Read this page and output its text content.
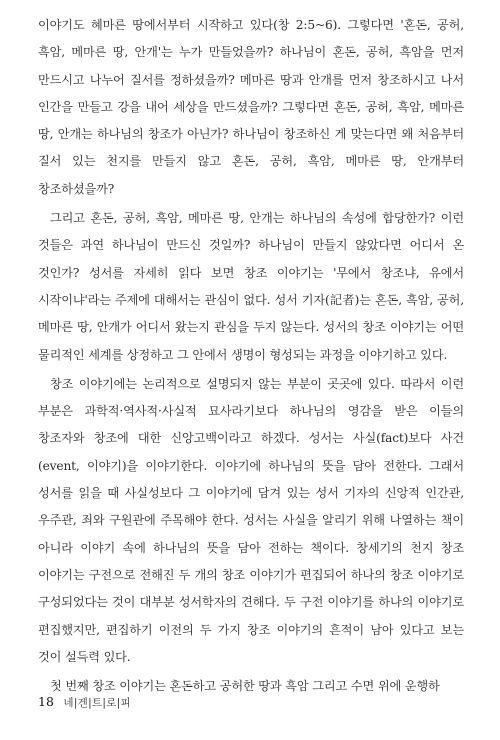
이야기도 혜마른 땅에서부터 시작하고 있다(창 2:5~6). 그렇다면 '혼돈, 공허, 흑암, 메마른 땅, 안개'는 누가 만들었을까? 하나님이 혼돈, 공허, 흑암을 먼저 만드시고 나누어 질서를 정하셨을까? 메마른 땅과 안개를 먼저 창조하시고 나서 인간을 만들고 강을 내어 세상을 만드셨을까? 그렇다면 혼돈, 공허, 흑암, 메마른 땅, 안개는 하나님의 창조가 아닌가? 하나님이 창조하신 게 맞는다면 왜 처음부터 질서 있는 천지를 만들지 않고 혼돈, 공허, 흑암, 메마른 땅, 안개부터 창조하셨을까?

그리고 혼돈, 공허, 흑암, 메마른 땅, 안개는 하나님의 속성에 합당한가? 이런 것들은 과연 하나님이 만드신 것일까? 하나님이 만들지 않았다면 어디서 온 것인가? 성서를 자세히 읽다 보면 창조 이야기는 '무에서 창조냐, 유에서 시작이냐'라는 주제에 대해서는 관심이 없다. 성서 기자(記者)는 혼돈, 흑암, 공허, 메마른 땅, 안개가 어디서 왔는지 관심을 두지 않는다. 성서의 창조 이야기는 어떤 물리적인 세계를 상정하고 그 안에서 생명이 형성되는 과정을 이야기하고 있다.

창조 이야기에는 논리적으로 설명되지 않는 부분이 곳곳에 있다. 따라서 이런 부분은 과학적·역사적·사실적 묘사라기보다 하나님의 영감을 받은 이들의 창조자와 창조에 대한 신앙고백이라고 하겠다. 성서는 사실(fact)보다 사건(event, 이야기)을 이야기한다. 이야기에 하나님의 뜻을 담아 전한다. 그래서 성서를 읽을 때 사실성보다 그 이야기에 담겨 있는 성서 기자의 신앙적 인간관, 우주관, 죄와 구원관에 주목해야 한다. 성서는 사실을 알리기 위해 나열하는 책이 아니라 이야기 속에 하나님의 뜻을 담아 전하는 책이다. 창세기의 천지 창조 이야기는 구전으로 전해진 두 개의 창조 이야기가 편집되어 하나의 창조 이야기로 구성되었다는 것이 대부분 성서학자의 견해다. 두 구전 이야기를 하나의 이야기로 편집했지만, 편집하기 이전의 두 가지 창조 이야기의 흔적이 남아 있다고 보는 것이 설득력 있다.

첫 번째 창조 이야기는 혼돈하고 공허한 땅과 흑암 그리고 수면 위에 운행하

18 네|겐|트|로|피
